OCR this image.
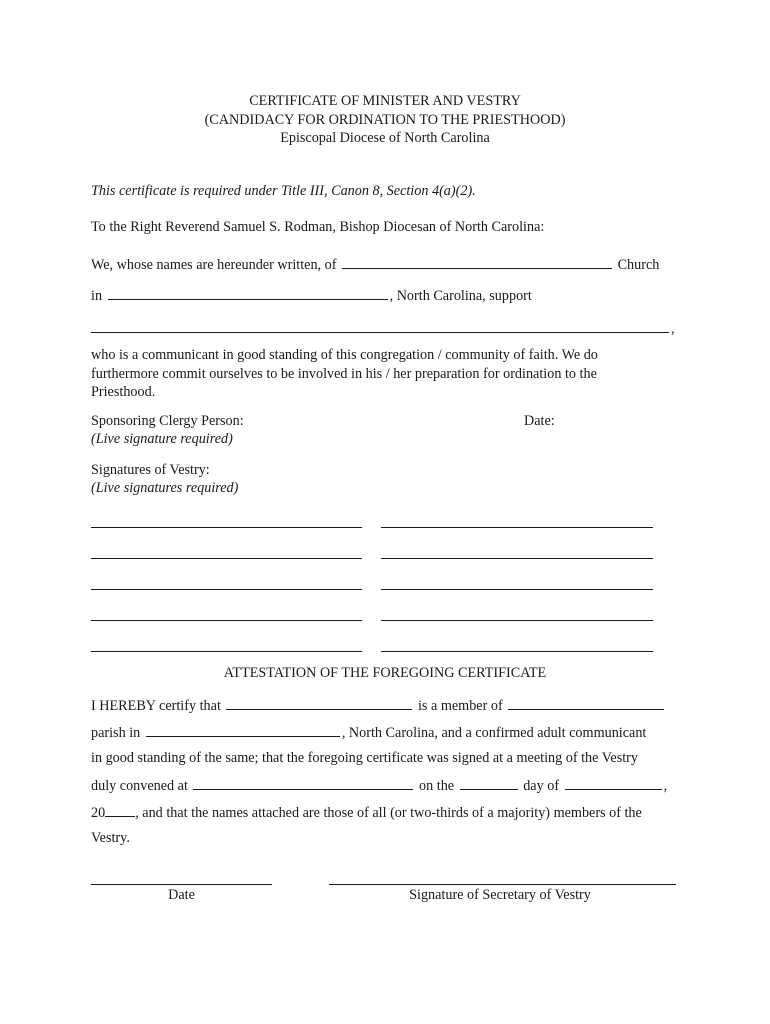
CERTIFICATE OF MINISTER AND VESTRY
(CANDIDACY FOR ORDINATION TO THE PRIESTHOOD)
Episcopal Diocese of North Carolina
This certificate is required under Title III, Canon 8, Section 4(a)(2).
To the Right Reverend Samuel S. Rodman, Bishop Diocesan of North Carolina:
We, whose names are hereunder written, of	Church
in	, North Carolina, support
,
who is a communicant in good standing of this congregation / community of faith. We do furthermore commit ourselves to be involved in his / her preparation for ordination to the Priesthood.
Sponsoring Clergy Person:
(Live signature required)
Date:
Signatures of Vestry:
(Live signatures required)
ATTESTATION OF THE FOREGOING CERTIFICATE
I HEREBY certify that	is a member of
parish in	, North Carolina, and a confirmed adult communicant
in good standing of the same; that the foregoing certificate was signed at a meeting of the Vestry
duly convened at	on the	day of	,
20 , and that the names attached are those of all (or two-thirds of a majority) members of the
Vestry.
Date	Signature of Secretary of Vestry
